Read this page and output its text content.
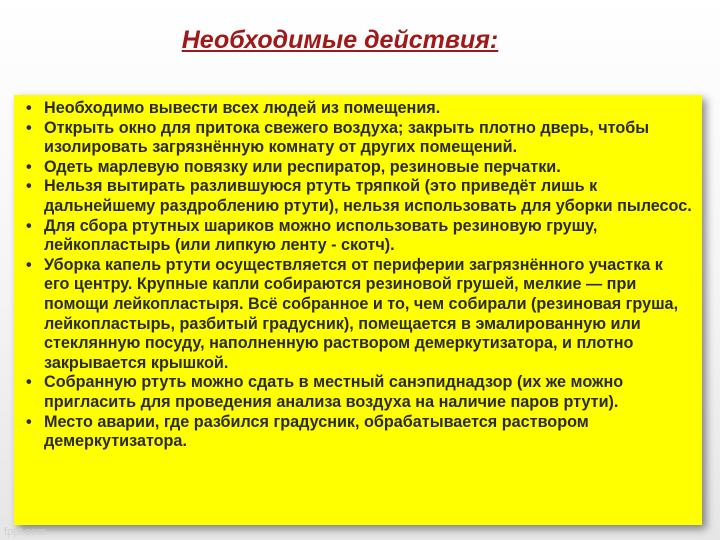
Необходимые действия:
• Необходимо вывести всех людей из помещения.
• Открыть окно для притока свежего воздуха; закрыть плотно дверь, чтобы изолировать загрязнённую комнату от других помещений.
• Одеть марлевую повязку или респиратор, резиновые перчатки.
• Нельзя вытирать разлившуюся ртуть тряпкой (это приведёт лишь к дальнейшему раздроблению ртути), нельзя использовать для уборки пылесос.
• Для сбора ртутных шариков можно использовать резиновую грушу, лейкопластырь (или липкую ленту - скотч).
• Уборка капель ртути осуществляется от периферии загрязнённого участка к его центру. Крупные капли собираются резиновой грушей, мелкие — при помощи лейкопластыря. Всё собранное и то, чем собирали (резиновая груша, лейкопластырь, разбитый градусник), помещается в эмалированную или стеклянную посуду, наполненную раствором демеркутизатора, и плотно закрывается крышкой.
• Собранную ртуть можно сдать в местный санэпиднадзор (их же можно пригласить для проведения анализа воздуха на наличие паров ртути).
• Место аварии, где разбился градусник, обрабатывается раствором демеркутизатора.
fppt.com
